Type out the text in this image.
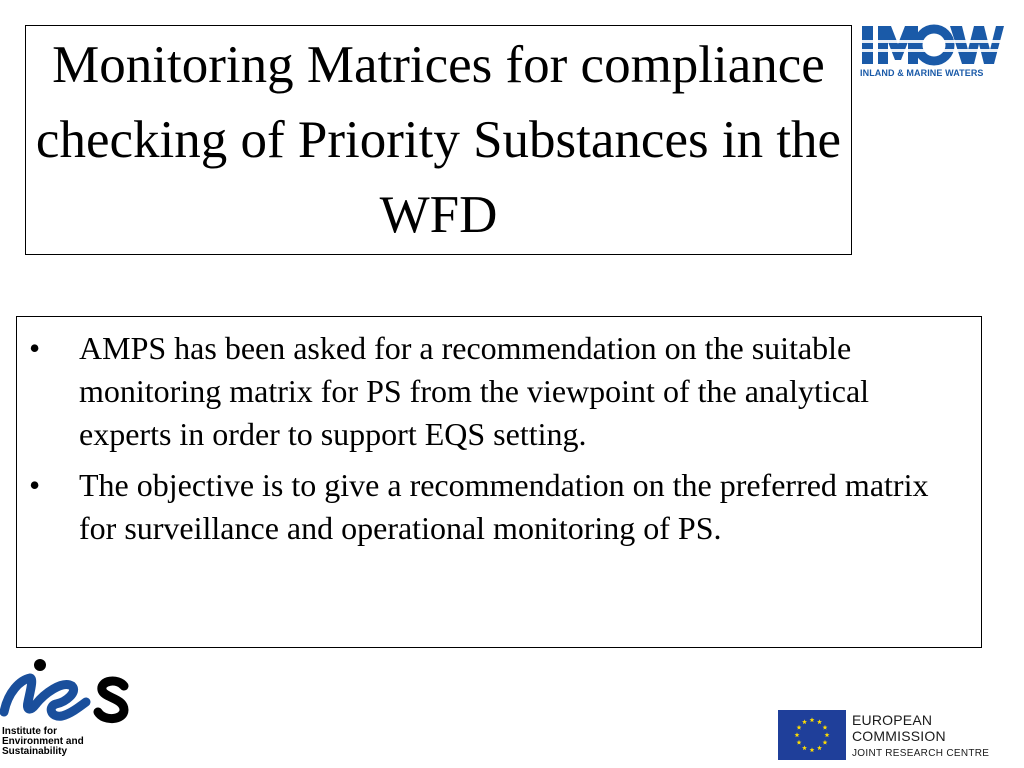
Monitoring Matrices for compliance checking of Priority Substances in the WFD
INLAND & MARINE WATERS
• AMPS has been asked for a recommendation on the suitable monitoring matrix for PS from the viewpoint of the analytical experts in order to support EQS setting.
• The objective is to give a recommendation on the preferred matrix for surveillance and operational monitoring of PS.
Institute for
Environment and
Sustainability
EUROPEAN COMMISSION
JOINT RESEARCH CENTRE
